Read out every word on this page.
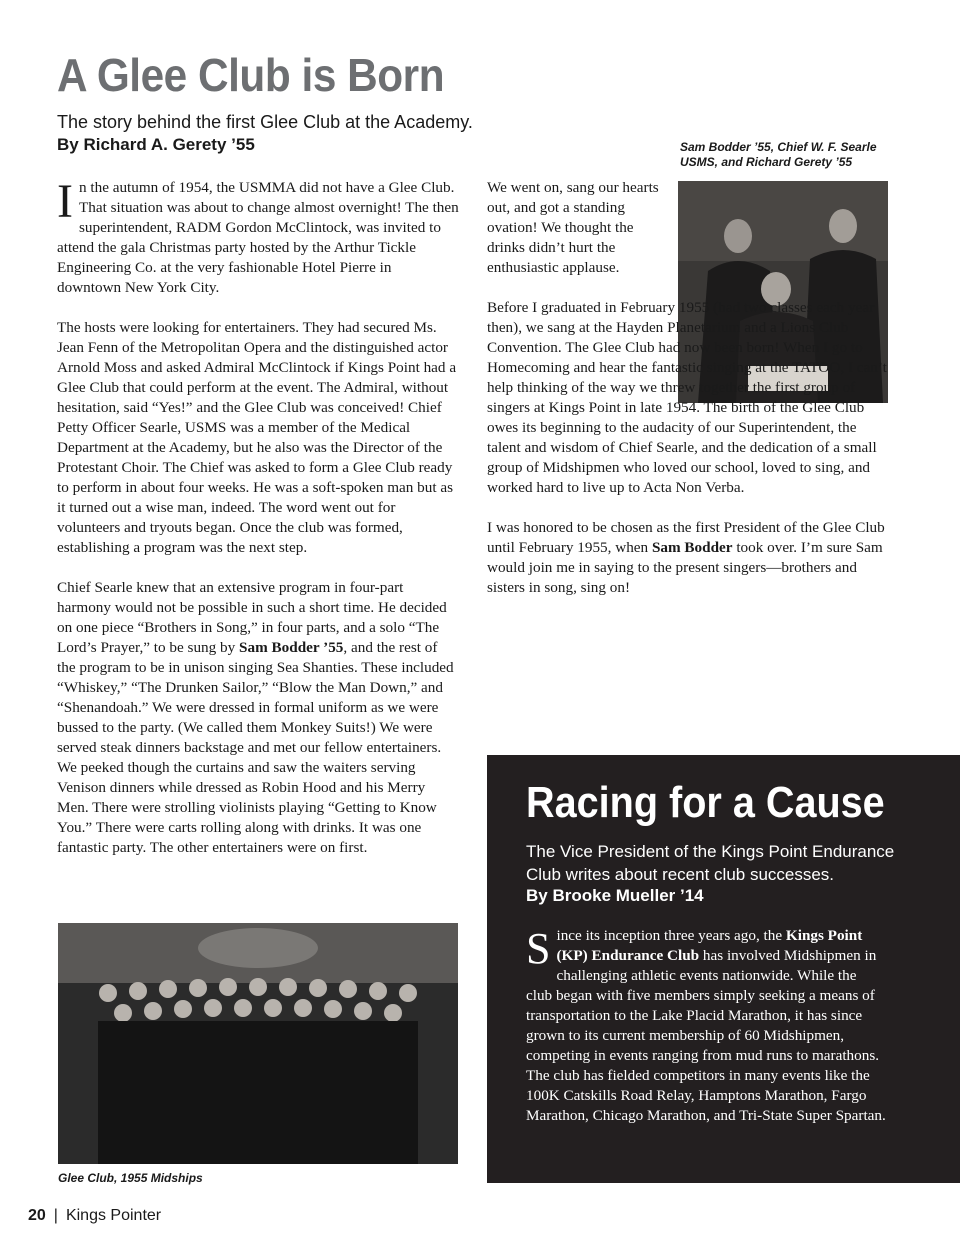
A Glee Club is Born
The story behind the first Glee Club at the Academy.
By Richard A. Gerety ’55

In the autumn of 1954, the USMMA did not have a Glee Club. That situation was about to change almost overnight! The then superintendent, RADM Gordon McClintock, was invited to attend the gala Christmas party hosted by the Arthur Tickle Engineering Co. at the very fashionable Hotel Pierre in downtown New York City.

The hosts were looking for entertainers. They had secured Ms. Jean Fenn of the Metropolitan Opera and the distinguished actor Arnold Moss and asked Admiral McClintock if Kings Point had a Glee Club that could perform at the event. The Admiral, without hesitation, said “Yes!” and the Glee Club was conceived! Chief Petty Officer Searle, USMS was a member of the Medical Department at the Academy, but he also was the Director of the Protestant Choir. The Chief was asked to form a Glee Club ready to perform in about four weeks. He was a soft-spoken man but as it turned out a wise man, indeed. The word went out for volunteers and tryouts began. Once the club was formed, establishing a program was the next step.

Chief Searle knew that an extensive program in four-part harmony would not be possible in such a short time. He decided on one piece “Brothers in Song,” in four parts, and a solo “The Lord’s Prayer,” to be sung by Sam Bodder ’55, and the rest of the program to be in unison singing Sea Shanties. These included “Whiskey,” “The Drunken Sailor,” “Blow the Man Down,” and “Shenandoah.” We were dressed in formal uniform as we were bussed to the party. (We called them Monkey Suits!) We were served steak dinners backstage and met our fellow entertainers. We peeked though the curtains and saw the waiters serving Venison dinners while dressed as Robin Hood and his Merry Men. There were strolling violinists playing “Getting to Know You.” There were carts rolling along with drinks. It was one fantastic party. The other entertainers were on first.

Sam Bodder ’55, Chief W. F. Searle USMS, and Richard Gerety ’55

We went on, sang our hearts out, and got a standing ovation! We thought the drinks didn’t hurt the enthusiastic applause.

Before I graduated in February 1955 (had two classes each year then), we sang at the Hayden Planetarium and a Lions Club Convention. The Glee Club had now been born! When I go to Homecoming and hear the fantastic singing at the TATOO, I can’t help thinking of the way we threw together the first group of singers at Kings Point in late 1954. The birth of the Glee Club owes its beginning to the audacity of our Superintendent, the talent and wisdom of Chief Searle, and the dedication of a small group of Midshipmen who loved our school, loved to sing, and worked hard to live up to Acta Non Verba.

I was honored to be chosen as the first President of the Glee Club until February 1955, when Sam Bodder took over. I’m sure Sam would join me in saying to the present singers—brothers and sisters in song, sing on!

Glee Club, 1955 Midships
Racing for a Cause
The Vice President of the Kings Point Endurance Club writes about recent club successes.
By Brooke Mueller ’14

Since its inception three years ago, the Kings Point (KP) Endurance Club has involved Midshipmen in challenging athletic events nationwide. While the club began with five members simply seeking a means of transportation to the Lake Placid Marathon, it has since grown to its current membership of 60 Midshipmen, competing in events ranging from mud runs to marathons. The club has fielded competitors in many events like the 100K Catskills Road Relay, Hamptons Marathon, Fargo Marathon, Chicago Marathon, and Tri-State Super Spartan.

20 | Kings Pointer
